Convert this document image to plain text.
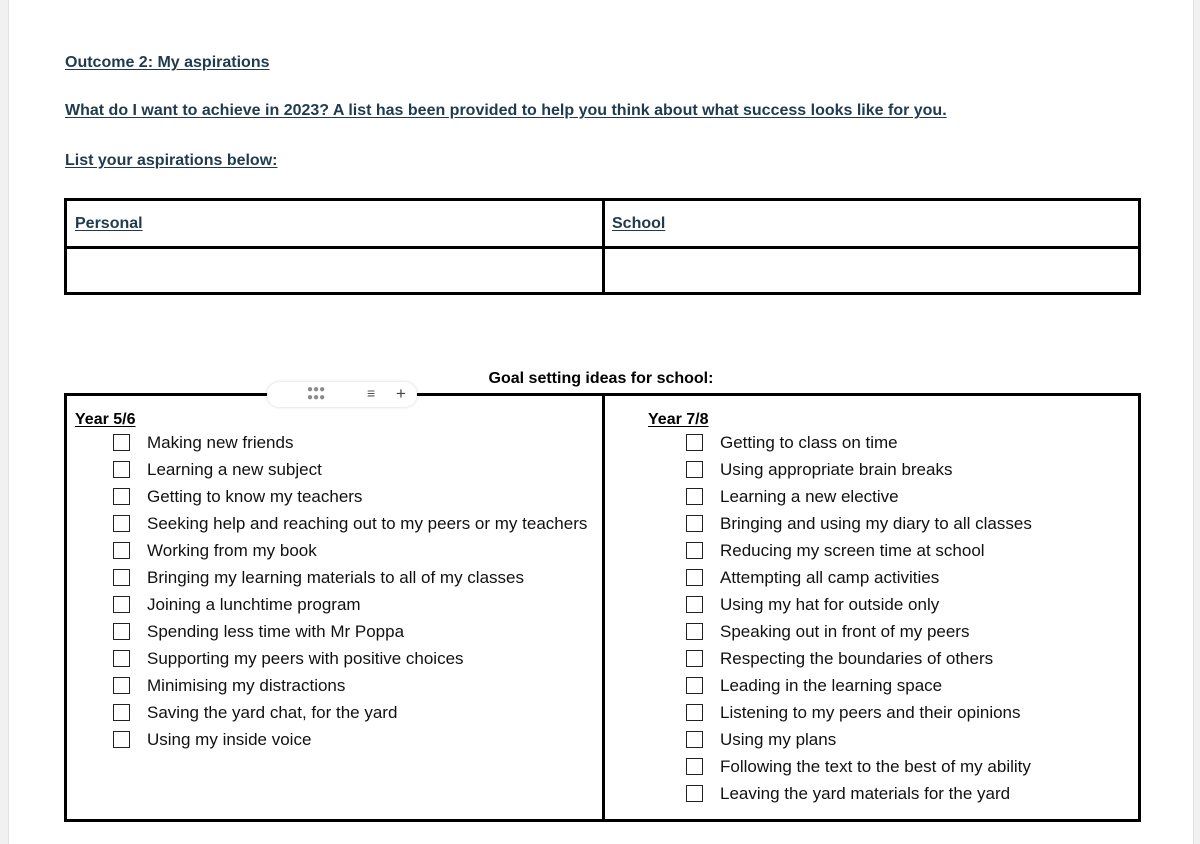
Outcome 2: My aspirations
What do I want to achieve in 2023? A list has been provided to help you think about what success looks like for you.
List your aspirations below:
Personal	School
Goal setting ideas for school:
Year 5/6
Making new friends
Learning a new subject
Getting to know my teachers
Seeking help and reaching out to my peers or my teachers
Working from my book
Bringing my learning materials to all of my classes
Joining a lunchtime program
Spending less time with Mr Poppa
Supporting my peers with positive choices
Minimising my distractions
Saving the yard chat, for the yard
Using my inside voice
Year 7/8
Getting to class on time
Using appropriate brain breaks
Learning a new elective
Bringing and using my diary to all classes
Reducing my screen time at school
Attempting all camp activities
Using my hat for outside only
Speaking out in front of my peers
Respecting the boundaries of others
Leading in the learning space
Listening to my peers and their opinions
Using my plans
Following the text to the best of my ability
Leaving the yard materials for the yard
●●●
●●●	≡ +
